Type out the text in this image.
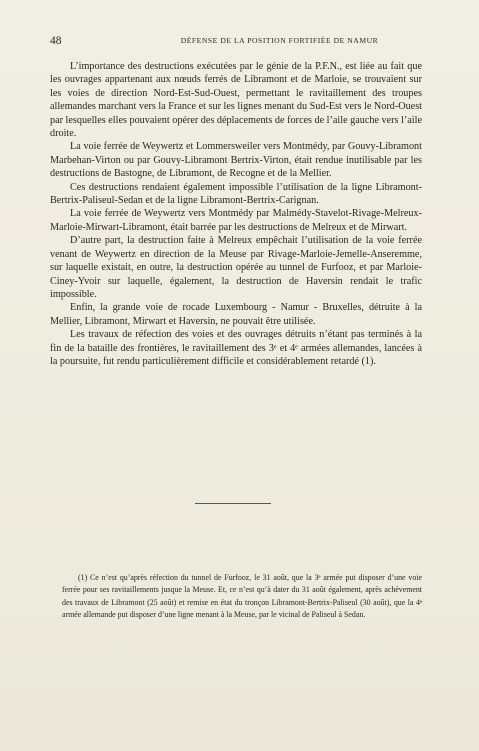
48	DÉFENSE DE LA POSITION FORTIFIÉE DE NAMUR

L’importance des destructions exécutées par le génie de la P.F.N., est liée au fait que les ouvrages appartenant aux nœuds ferrés de Libramont et de Marloie, se trouvaient sur les voies de direction Nord-Est-Sud-Ouest, permettant le ravitaillement des troupes allemandes marchant vers la France et sur les lignes menant du Sud-Est vers le Nord-Ouest par lesquelles elles pouvaient opérer des déplacements de forces de l’aile gauche vers l’aile droite.

La voie ferrée de Weywertz et Lommersweiler vers Montmédy, par Gouvy-Libramont Marbehan-Virton ou par Gouvy-Libramont Bertrix-Virton, était rendue inutilisable par les destructions de Bastogne, de Libramont, de Recogne et de la Mellier.

Ces destructions rendaient également impossible l’utilisation de la ligne Libramont-Bertrix-Paliseul-Sedan et de la ligne Libramont-Bertrix-Carignan.

La voie ferrée de Weywertz vers Montmédy par Malmédy-Stavelot-Rivage-Melreux-Marloie-Mirwart-Libramont, était barrée par les destructions de Melreux et de Mirwart.

D’autre part, la destruction faite à Melreux empêchait l’utilisation de la voie ferrée venant de Weywertz en direction de la Meuse par Rivage-Marloie-Jemelle-Anseremme, sur laquelle existait, en outre, la destruction opérée au tunnel de Furfooz, et par Marloie-Ciney-Yvoir sur laquelle, également, la destruction de Haversin rendait le trafic impossible.

Enfin, la grande voie de rocade Luxembourg - Namur - Bruxelles, détruite à la Mellier, Libramont, Mirwart et Haversin, ne pouvait être utilisée.

Les travaux de réfection des voies et des ouvrages détruits n’étant pas terminés à la fin de la bataille des frontières, le ravitaillement des 3ᵉ et 4ᵉ armées allemandes, lancées à la poursuite, fut rendu particulièrement difficile et considérablement retardé (1).

(1) Ce n’est qu’après réfection du tunnel de Furfooz, le 31 août, que la 3ᵉ armée put disposer d’une voie ferrée pour ses ravitaillements jusque la Meuse. Et, ce n’est qu’à dater du 31 août également, après achèvement des travaux de Libramont (25 août) et remise en état du tronçon Libramont-Bertrix-Paliseul (30 août), que la 4ᵉ armée allemande put disposer d’une ligne menant à la Meuse, par le vicinal de Paliseul à Sedan.
